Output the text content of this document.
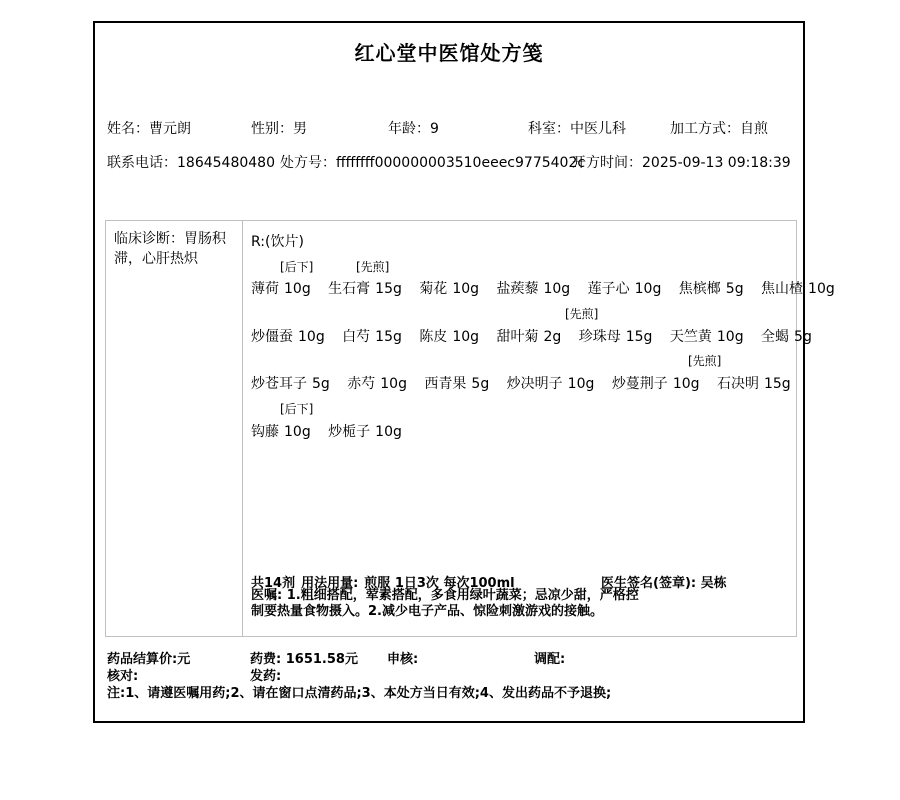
红心堂中医馆处方笺
姓名：曹元朗	性别：男	年龄：9	科室：中医儿科	加工方式：自煎
联系电话：18645480480 处方号：ffffffff000000003510eeec9775402c
开方时间：2025-09-13 09:18:39
临床诊断：胃肠积滞，心肝热炽
R:(饮片)
[后下]	[先煎]
薄荷 10g 生石膏 15g 菊花 10g 盐蒺藜 10g 莲子心 10g 焦槟榔 5g 焦山楂 10g
[先煎]
炒僵蚕 10g 白芍 15g 陈皮 10g 甜叶菊 2g 珍珠母 15g 天竺黄 10g 全蝎 5g
[先煎]
炒苍耳子 5g 赤芍 10g 西青果 5g 炒决明子 10g 炒蔓荆子 10g 石决明 15g
[后下]
钩藤 10g 炒栀子 10g
共14剂 用法用量: 煎服 1日3次 每次100ml	医生签名(签章): 吴栋
医嘱: 1.粗细搭配，荤素搭配，多食用绿叶蔬菜；忌凉少甜，严格控制要热量食物摄入。2.减少电子产品、惊险刺激游戏的接触。
药品结算价:元	药费: 1651.58元 申核:	调配:
核对:	发药:
注:1、请遵医嘱用药;2、请在窗口点清药品;3、本处方当日有效;4、发出药品不予退换;
